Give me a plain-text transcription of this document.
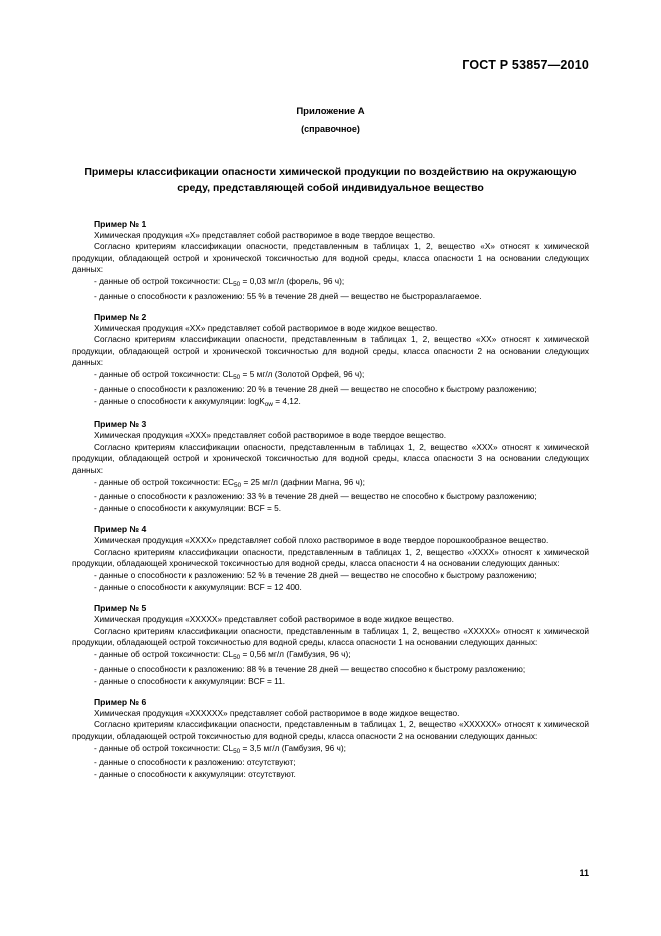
ГОСТ Р 53857—2010
Приложение А
(справочное)
Примеры классификации опасности химической продукции по воздействию на окружающую среду, представляющей собой индивидуальное вещество
Пример № 1

Химическая продукция «Х» представляет собой растворимое в воде твердое вещество.

Согласно критериям классификации опасности, представленным в таблицах 1, 2, вещество «Х» относят к химической продукции, обладающей острой и хронической токсичностью для водной среды, класса опасности 1 на основании следующих данных:

- данные об острой токсичности: $CL_{50} = 0,03$ мг/л (форель, 96 ч);

- данные о способности к разложению: 55 % в течение 28 дней — вещество не быстроразлагаемое.

Пример № 2

Химическая продукция «ХХ» представляет собой растворимое в воде жидкое вещество.

Согласно критериям классификации опасности, представленным в таблицах 1, 2, вещество «ХХ» относят к химической продукции, обладающей острой и хронической токсичностью для водной среды, класса опасности 2 на основании следующих данных:

- данные об острой токсичности: $CL_{50} = 5$ мг/л (Золотой Орфей, 96 ч);

- данные о способности к разложению: 20 % в течение 28 дней — вещество не способно к быстрому разложению;

- данные о способности к аккумуляции: logK$_{ow}$ = 4,12.

Пример № 3

Химическая продукция «ХХХ» представляет собой растворимое в воде твердое вещество.

Согласно критериям классификации опасности, представленным в таблицах 1, 2, вещество «ХХХ» относят к химической продукции, обладающей острой и хронической токсичностью для водной среды, класса опасности 3 на основании следующих данных:

- данные об острой токсичности: $ЕC_{50} = 25$ мг/л (дафнии Магна, 96 ч);

- данные о способности к разложению: 33 % в течение 28 дней — вещество не способно к быстрому разложению;

- данные о способности к аккумуляции: BCF = 5.

Пример № 4

Химическая продукция «ХХХХ» представляет собой плохо растворимое в воде твердое порошкообразное вещество.

Согласно критериям классификации опасности, представленным в таблицах 1, 2, вещество «ХХХХ» относят к химической продукции, обладающей хронической токсичностью для водной среды, класса опасности 4 на основании следующих данных:

- данные о способности к разложению: 52 % в течение 28 дней — вещество не способно к быстрому разложению;

- данные о способности к аккумуляции: BCF = 12 400.

Пример № 5

Химическая продукция «ХХХХХ» представляет собой растворимое в воде жидкое вещество.

Согласно критериям классификации опасности, представленным в таблицах 1, 2, вещество «ХХХХХ» относят к химической продукции, обладающей острой токсичностью для водной среды, класса опасности 1 на основании следующих данных:

- данные об острой токсичности: $CL_{50} = 0,56$ мг/л (Гамбузия, 96 ч);

- данные о способности к разложению: 88 % в течение 28 дней — вещество способно к быстрому разложению;

- данные о способности к аккумуляции: BCF = 11.

Пример № 6

Химическая продукция «ХХХХХХ» представляет собой растворимое в воде жидкое вещество.

Согласно критериям классификации опасности, представленным в таблицах 1, 2, вещество «ХХХХХХ» относят к химической продукции, обладающей острой токсичностью для водной среды, класса опасности 2 на основании следующих данных:

- данные об острой токсичности: $CL_{50} = 3,5$ мг/л (Гамбузия, 96 ч);

- данные о способности к разложению: отсутствуют;

- данные о способности к аккумуляции: отсутствуют.

11
